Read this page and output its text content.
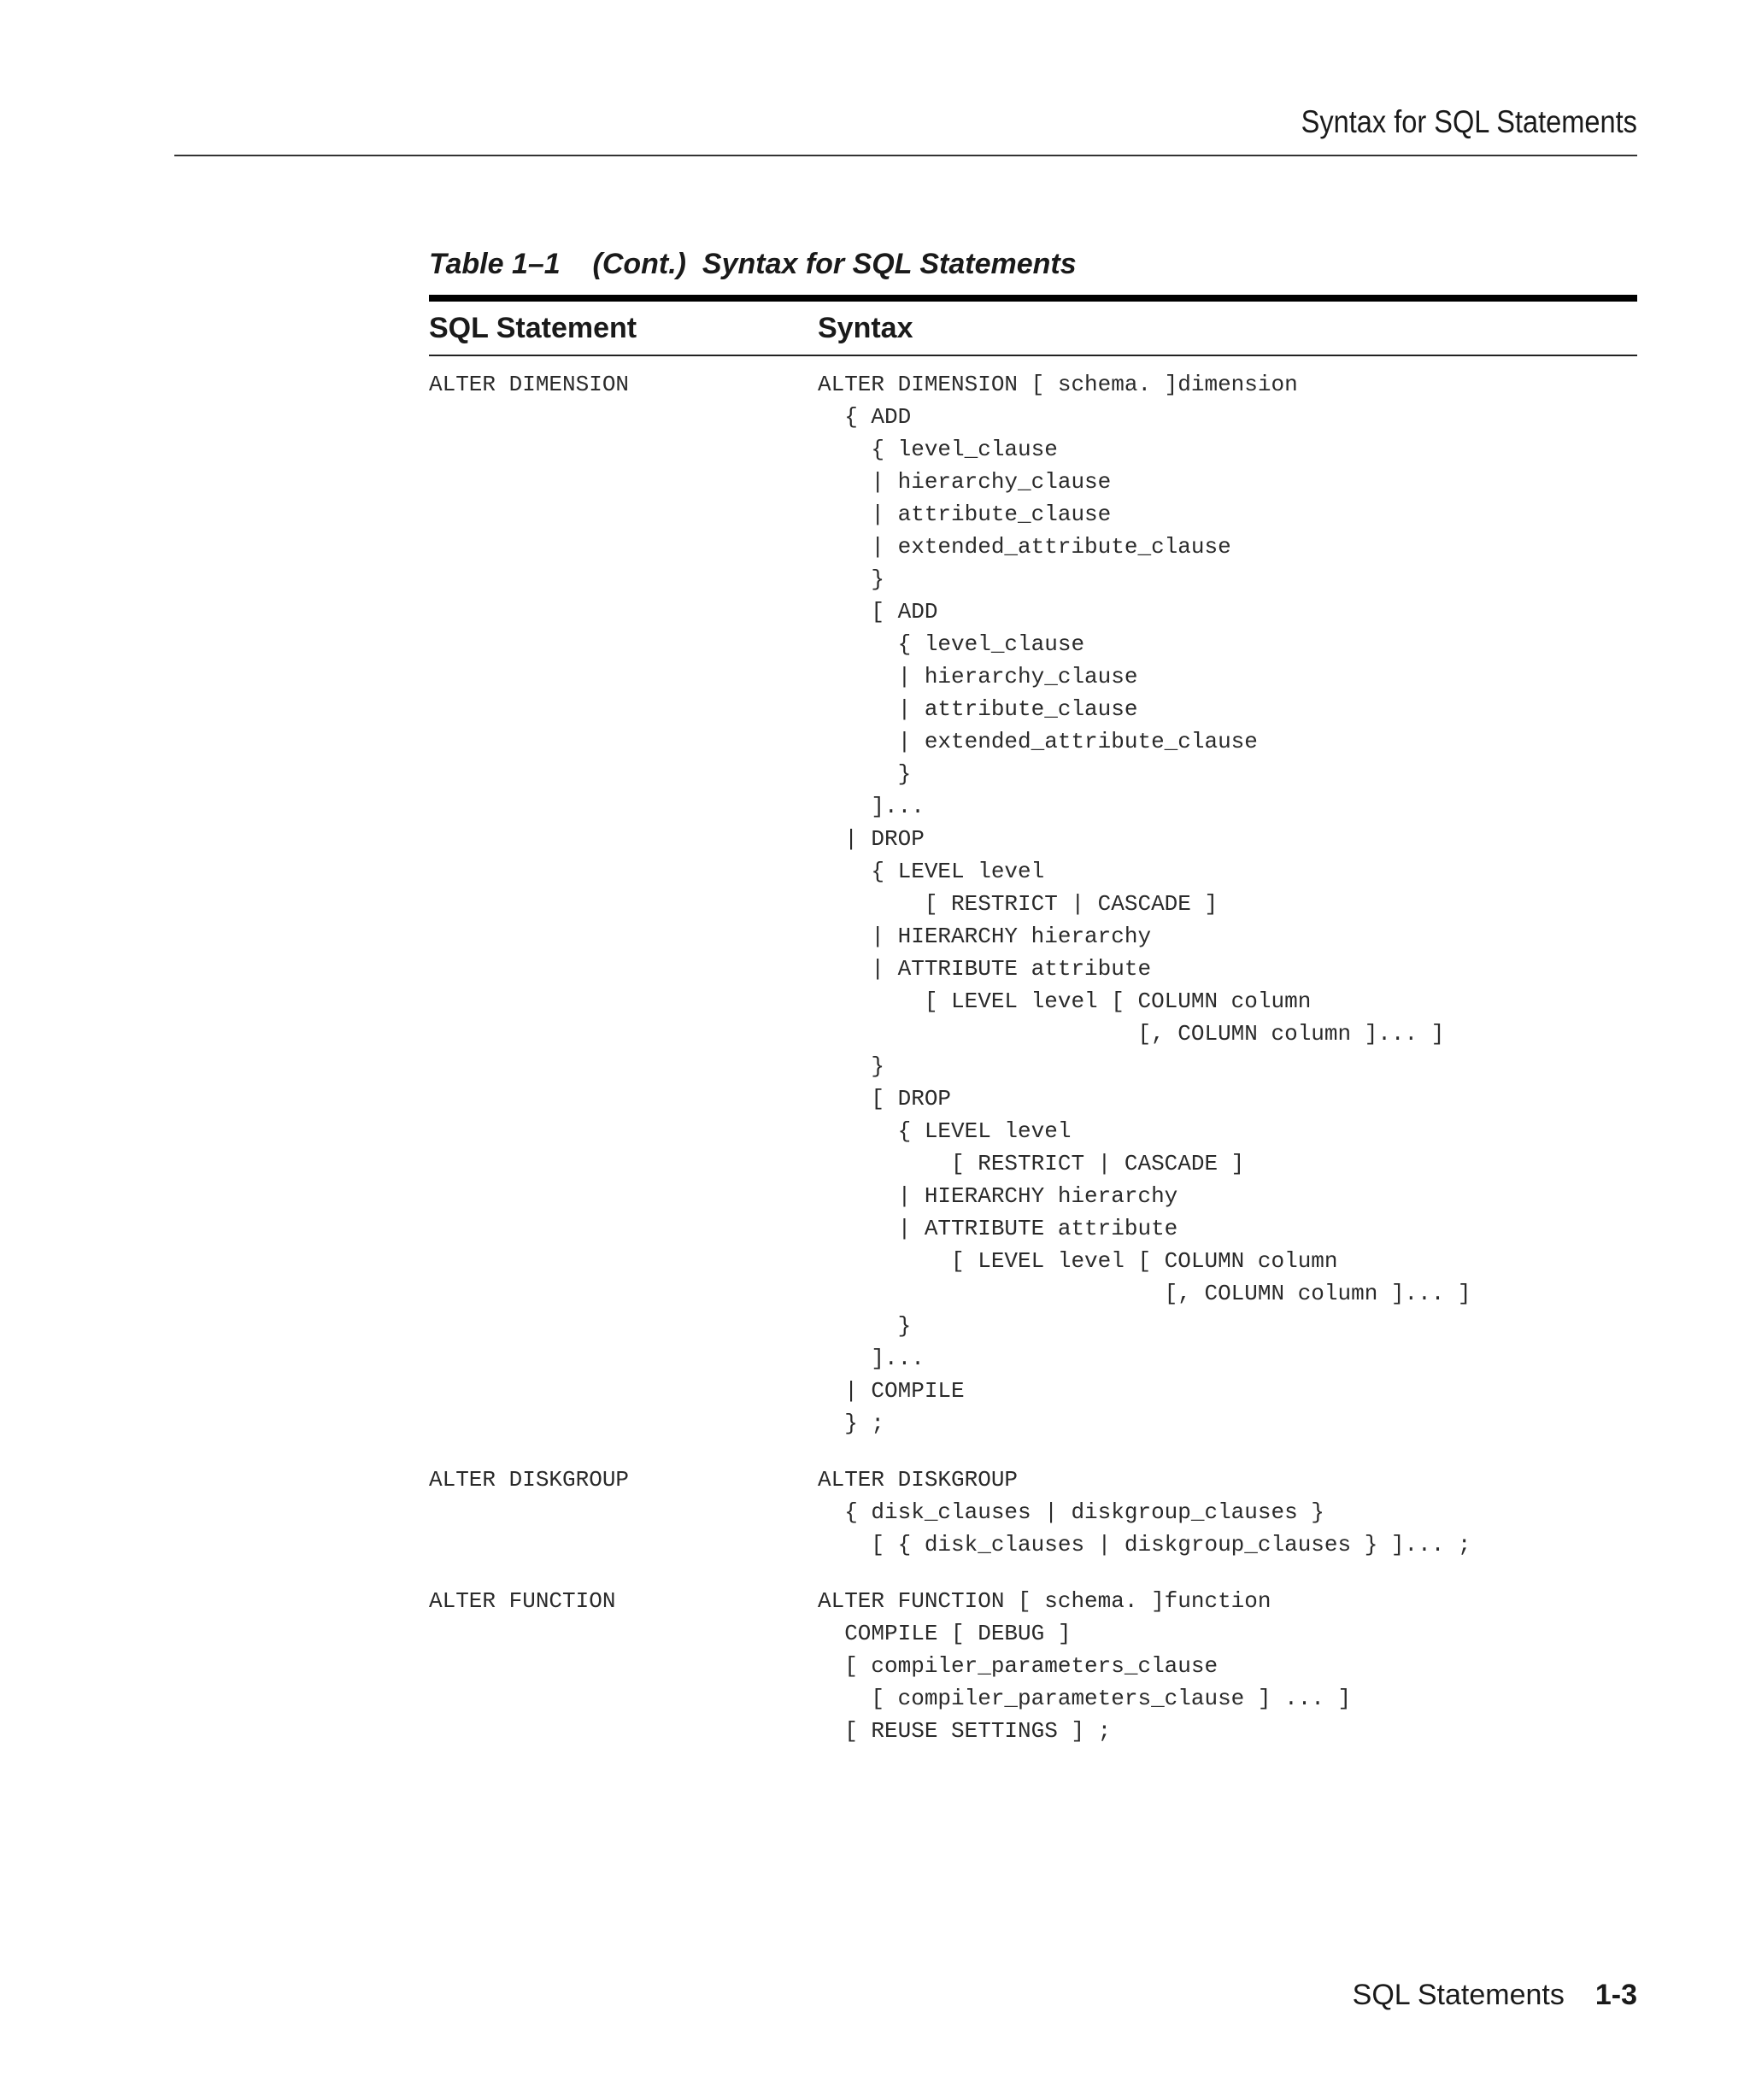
Syntax for SQL Statements
Table 1–1    (Cont.)  Syntax for SQL Statements
SQL Statement	Syntax
ALTER DIMENSION	ALTER DIMENSION [ schema. ]dimension
{ ADD
{ level_clause
| hierarchy_clause
| attribute_clause
| extended_attribute_clause
}
[ ADD
{ level_clause
| hierarchy_clause
| attribute_clause
| extended_attribute_clause
}
]...
| DROP
{ LEVEL level
[ RESTRICT | CASCADE ]
| HIERARCHY hierarchy
| ATTRIBUTE attribute
[ LEVEL level [ COLUMN column
[, COLUMN column ]... ]
}
[ DROP
{ LEVEL level
[ RESTRICT | CASCADE ]
| HIERARCHY hierarchy
| ATTRIBUTE attribute
[ LEVEL level [ COLUMN column
[, COLUMN column ]... ]
}
]...
| COMPILE
} ;
ALTER DISKGROUP	ALTER DISKGROUP
{ disk_clauses | diskgroup_clauses }
[ { disk_clauses | diskgroup_clauses } ]... ;
ALTER FUNCTION	ALTER FUNCTION [ schema. ]function
COMPILE [ DEBUG ]
[ compiler_parameters_clause
[ compiler_parameters_clause ] ... ]
[ REUSE SETTINGS ] ;
SQL Statements 1-3
